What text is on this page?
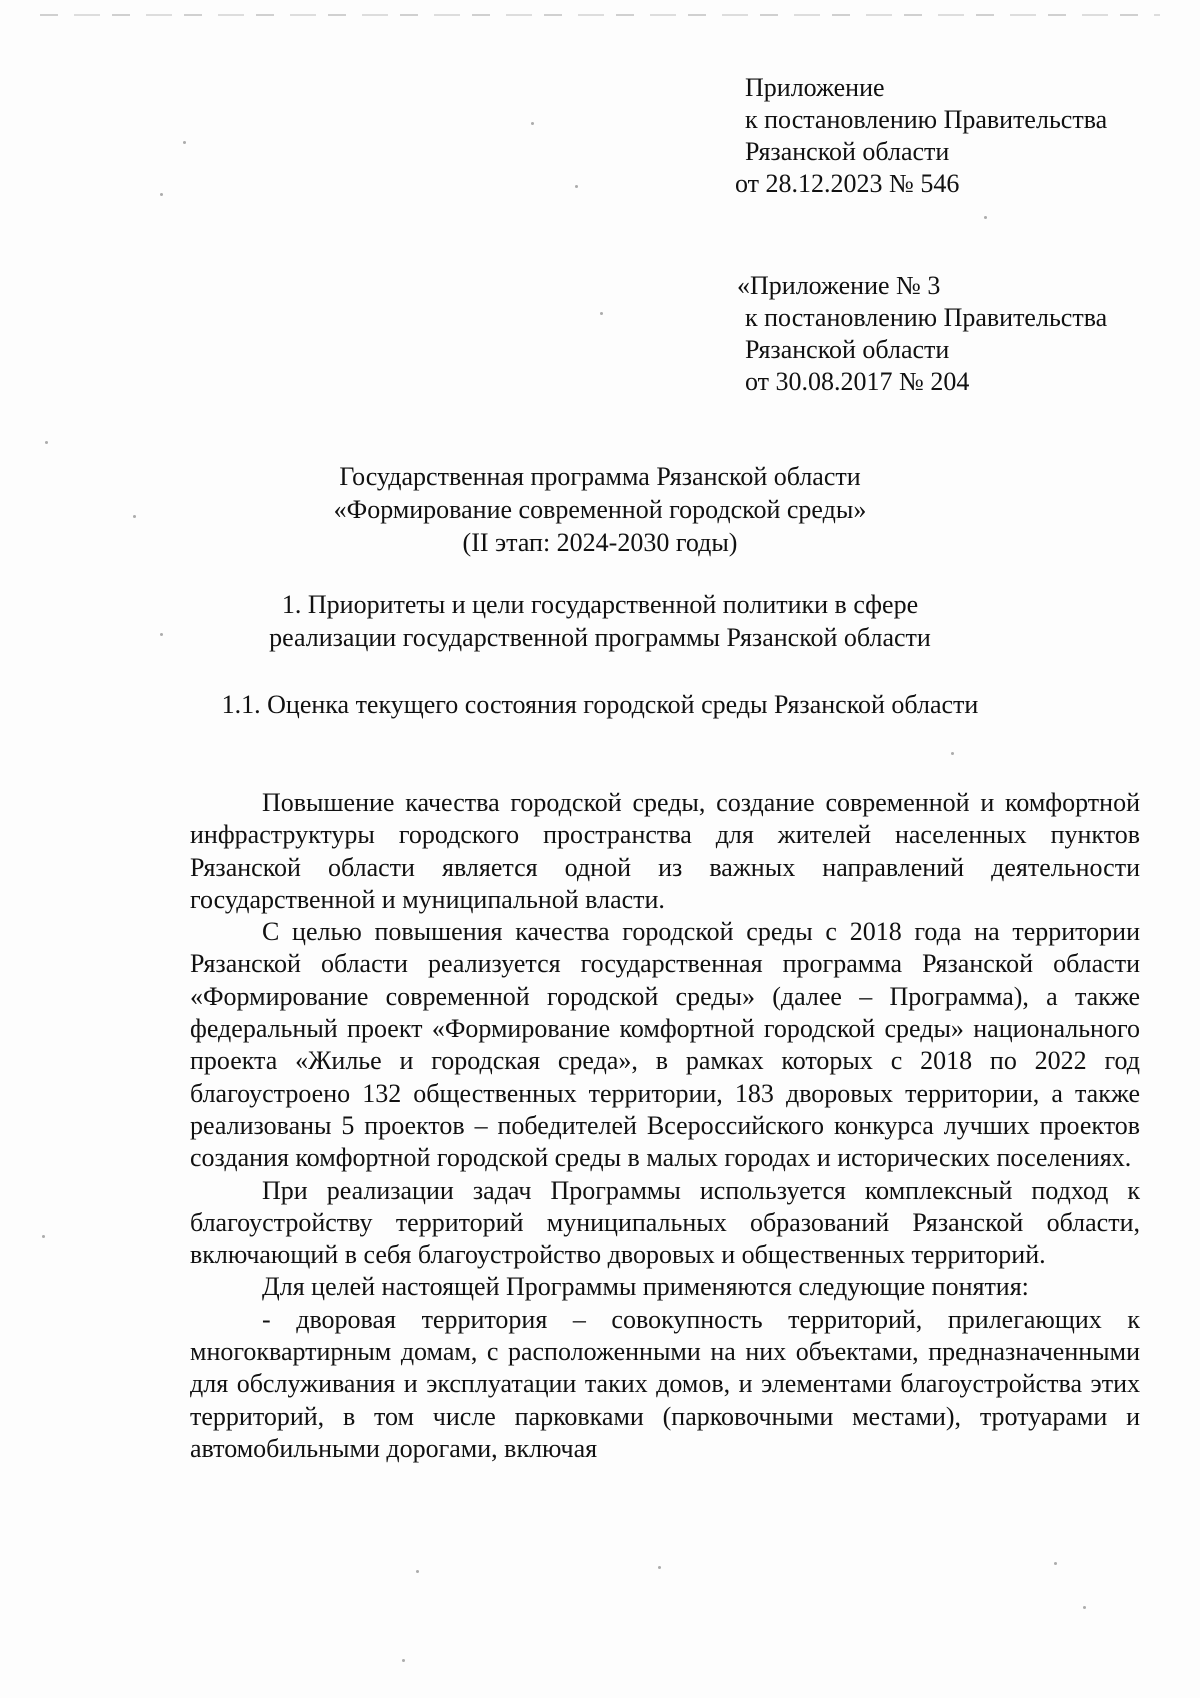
Приложение
к постановлению Правительства
Рязанской области
от 28.12.2023 № 546
«Приложение № 3
к постановлению Правительства
Рязанской области
от 30.08.2017 № 204
Государственная программа Рязанской области
«Формирование современной городской среды»
(II этап: 2024-2030 годы)
1. Приоритеты и цели государственной политики в сфере
реализации государственной программы Рязанской области
1.1. Оценка текущего состояния городской среды Рязанской области

Повышение качества городской среды, создание современной и комфортной инфраструктуры городского пространства для жителей населенных пунктов Рязанской области является одной из важных направлений деятельности государственной и муниципальной власти.

С целью повышения качества городской среды с 2018 года на территории Рязанской области реализуется государственная программа Рязанской области «Формирование современной городской среды» (далее – Программа), а также федеральный проект «Формирование комфортной городской среды» национального проекта «Жилье и городская среда», в рамках которых с 2018 по 2022 год благоустроено 132 общественных территории, 183 дворовых территории, а также реализованы 5 проектов – победителей Всероссийского конкурса лучших проектов создания комфортной городской среды в малых городах и исторических поселениях.

При реализации задач Программы используется комплексный подход к благоустройству территорий муниципальных образований Рязанской области, включающий в себя благоустройство дворовых и общественных территорий.

Для целей настоящей Программы применяются следующие понятия:

- дворовая территория – совокупность территорий, прилегающих к многоквартирным домам, с расположенными на них объектами, предназначенными для обслуживания и эксплуатации таких домов, и элементами благоустройства этих территорий, в том числе парковками (парковочными местами), тротуарами и автомобильными дорогами, включая
